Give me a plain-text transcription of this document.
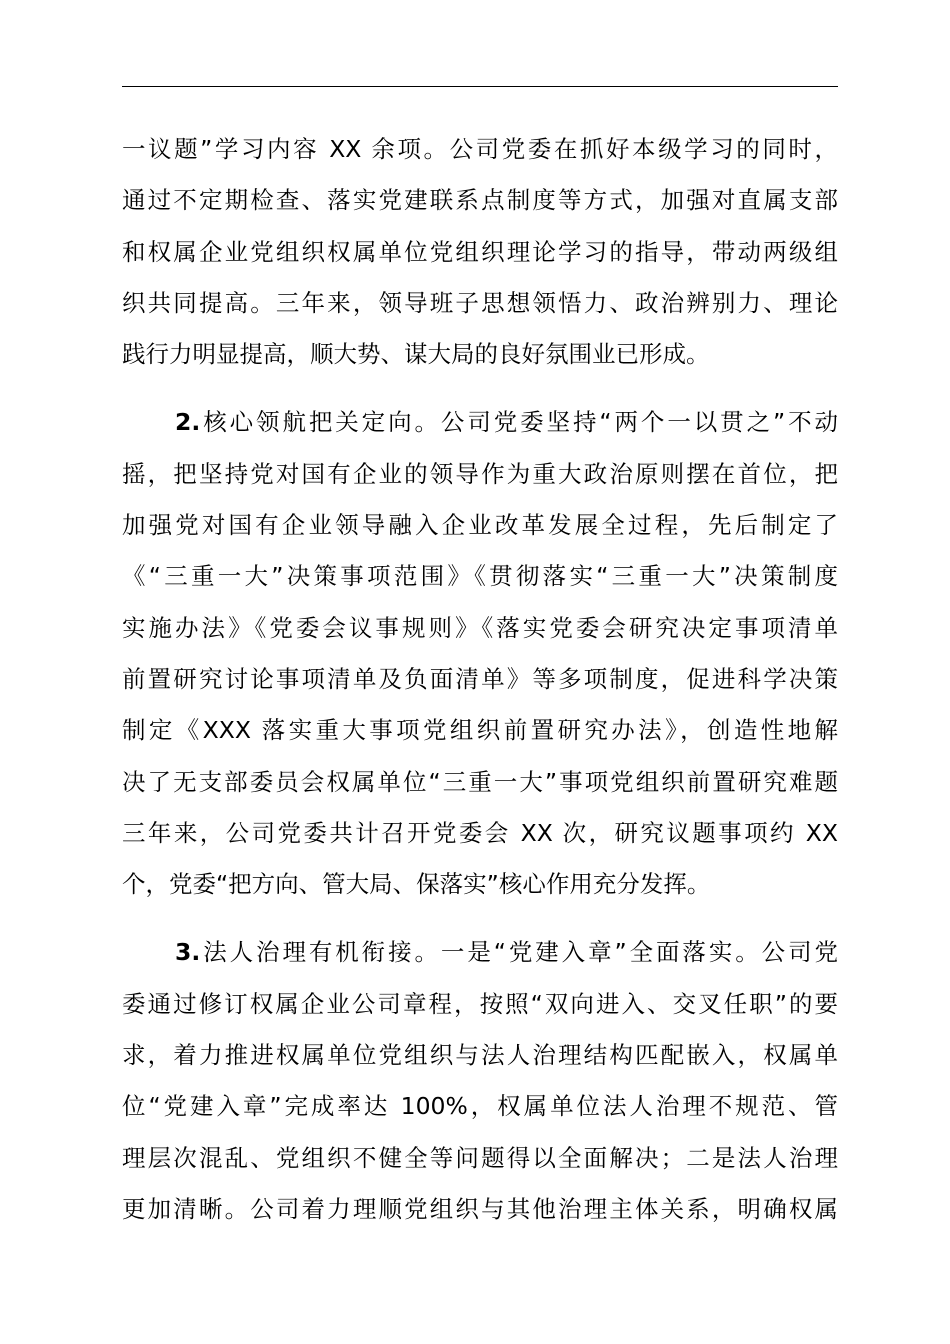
一议题”学习内容 XX 余项。公司党委在抓好本级学习的同时，
通过不定期检查、落实党建联系点制度等方式，加强对直属支部
和权属企业党组织权属单位党组织理论学习的指导，带动两级组
织共同提高。三年来，领导班子思想领悟力、政治辨别力、理论
践行力明显提高，顺大势、谋大局的良好氛围业已形成。
2.核心领航把关定向。公司党委坚持“两个一以贯之”不动
摇，把坚持党对国有企业的领导作为重大政治原则摆在首位，把
加强党对国有企业领导融入企业改革发展全过程，先后制定了
《“三重一大”决策事项范围》《贯彻落实“三重一大”决策制度
实施办法》《党委会议事规则》《落实党委会研究决定事项清单
前置研究讨论事项清单及负面清单》等多项制度，促进科学决策
制定《XXX 落实重大事项党组织前置研究办法》，创造性地解
决了无支部委员会权属单位“三重一大”事项党组织前置研究难题
三年来，公司党委共计召开党委会 XX 次，研究议题事项约 XX
个，党委“把方向、管大局、保落实”核心作用充分发挥。
3.法人治理有机衔接。一是“党建入章”全面落实。公司党
委通过修订权属企业公司章程，按照“双向进入、交叉任职”的要
求，着力推进权属单位党组织与法人治理结构匹配嵌入，权属单
位“党建入章”完成率达 100%，权属单位法人治理不规范、管
理层次混乱、党组织不健全等问题得以全面解决；二是法人治理
更加清晰。公司着力理顺党组织与其他治理主体关系，明确权属
